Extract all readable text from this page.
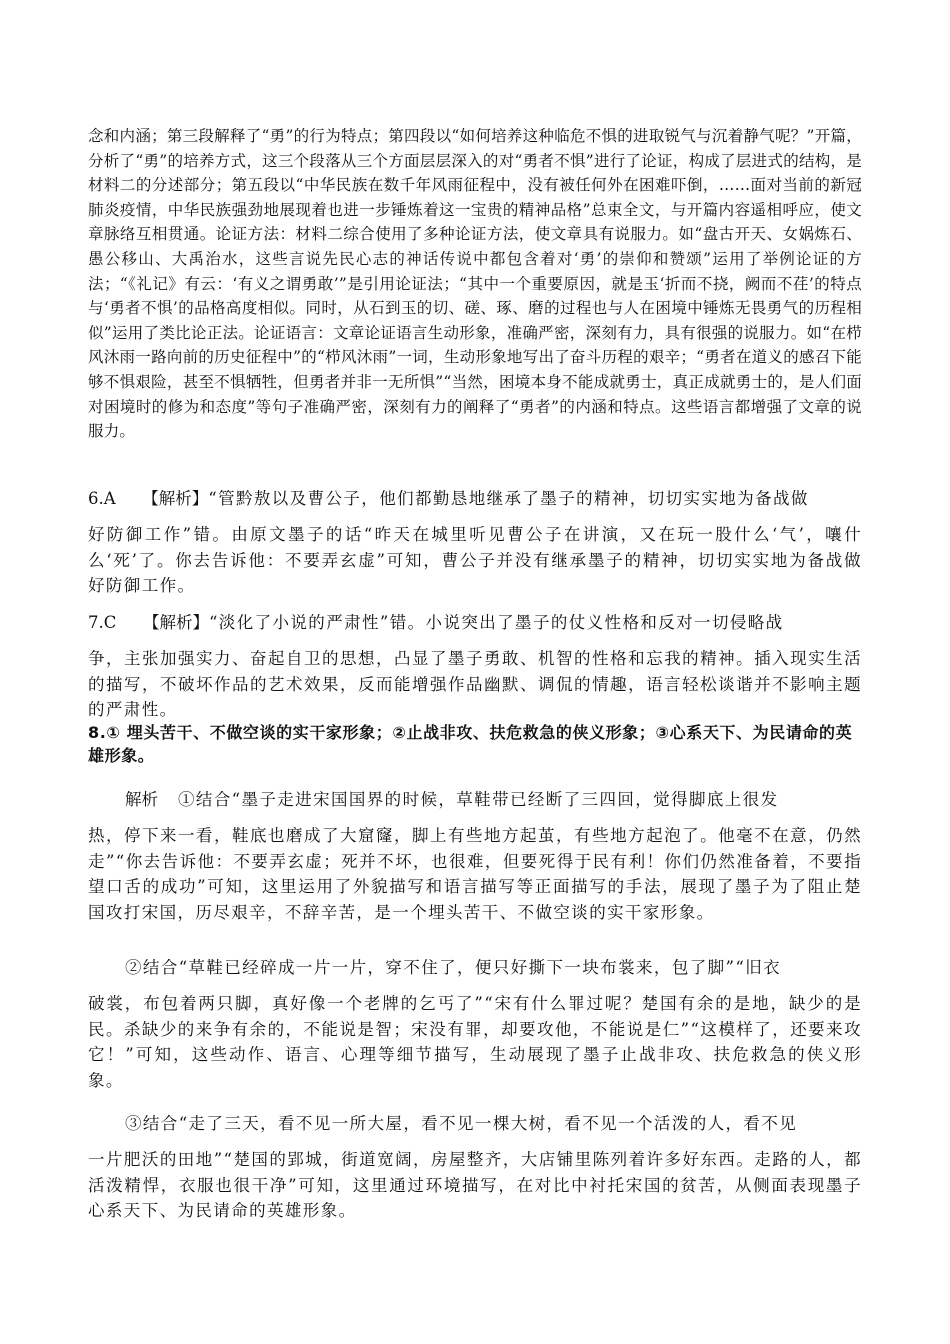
念和内涵；第三段解释了“勇”的行为特点；第四段以“如何培养这种临危不惧的进取锐气与沉着静气呢？”开篇，分析了“勇”的培养方式，这三个段落从三个方面层层深入的对“勇者不惧”进行了论证，构成了层进式的结构，是材料二的分述部分；第五段以“中华民族在数千年风雨征程中，没有被任何外在困难吓倒，……面对当前的新冠肺炎疫情，中华民族强劲地展现着也进一步锤炼着这一宝贵的精神品格”总束全文，与开篇内容遥相呼应，使文章脉络互相贯通。论证方法：材料二综合使用了多种论证方法，使文章具有说服力。如“盘古开天、女娲炼石、愚公移山、大禹治水，这些言说先民心志的神话传说中都包含着对‘勇’的崇仰和赞颂”运用了举例论证的方法；“《礼记》有云：‘有义之谓勇敢’”是引用论证法；“其中一个重要原因，就是玉‘折而不挠，阙而不荏’的特点与‘勇者不惧’的品格高度相似。同时，从石到玉的切、磋、琢、磨的过程也与人在困境中锤炼无畏勇气的历程相似”运用了类比论正法。论证语言：文章论证语言生动形象，准确严密，深刻有力，具有很强的说服力。如“在栉风沐雨一路向前的历史征程中”的“栉风沐雨”一词，生动形象地写出了奋斗历程的艰辛；“勇者在道义的感召下能够不惧艰险，甚至不惧牺牲，但勇者并非一无所惧”“当然，困境本身不能成就勇士，真正成就勇士的，是人们面对困境时的修为和态度”等句子准确严密，深刻有力的阐释了“勇者”的内涵和特点。这些语言都增强了文章的说服力。

6.A 【解析】“管黔敖以及曹公子，他们都勤恳地继承了墨子的精神，切切实实地为备战做
好防御工作”错。由原文墨子的话“昨天在城里听见曹公子在讲演，又在玩一股什么‘气’，嚷什么‘死’了。你去告诉他：不要弄玄虚”可知，曹公子并没有继承墨子的精神，切切实实地为备战做好防御工作。

7.C 【解析】“淡化了小说的严肃性”错。小说突出了墨子的仗义性格和反对一切侵略战
争，主张加强实力、奋起自卫的思想，凸显了墨子勇敢、机智的性格和忘我的精神。插入现实生活的描写，不破坏作品的艺术效果，反而能增强作品幽默、调侃的情趣，语言轻松谈谐并不影响主题的严肃性。

8.① 埋头苦干、不做空谈的实干家形象；②止战非攻、扶危救急的侠义形象；③心系天下、为民请命的英雄形象。

解析 ①结合“墨子走进宋国国界的时候，草鞋带已经断了三四回，觉得脚底上很发
热，停下来一看，鞋底也磨成了大窟窿，脚上有些地方起茧，有些地方起泡了。他毫不在意，仍然走”“你去告诉他：不要弄玄虚；死并不坏，也很难，但要死得于民有利！你们仍然准备着，不要指望口舌的成功”可知，这里运用了外貌描写和语言描写等正面描写的手法，展现了墨子为了阻止楚国攻打宋国，历尽艰辛，不辞辛苦，是一个埋头苦干、不做空谈的实干家形象。

②结合“草鞋已经碎成一片一片，穿不住了，便只好撕下一块布裳来，包了脚”“旧衣
破裳，布包着两只脚，真好像一个老牌的乞丐了”“宋有什么罪过呢？楚国有余的是地，缺少的是民。杀缺少的来争有余的，不能说是智；宋没有罪，却要攻他，不能说是仁”“这模样了，还要来攻它！”可知，这些动作、语言、心理等细节描写，生动展现了墨子止战非攻、扶危救急的侠义形象。

③结合“走了三天，看不见一所大屋，看不见一棵大树，看不见一个活泼的人，看不见
一片肥沃的田地”“楚国的郢城，街道宽阔，房屋整齐，大店铺里陈列着许多好东西。走路的人，都活泼精悍，衣服也很干净”可知，这里通过环境描写，在对比中衬托宋国的贫苦，从侧面表现墨子心系天下、为民请命的英雄形象。
